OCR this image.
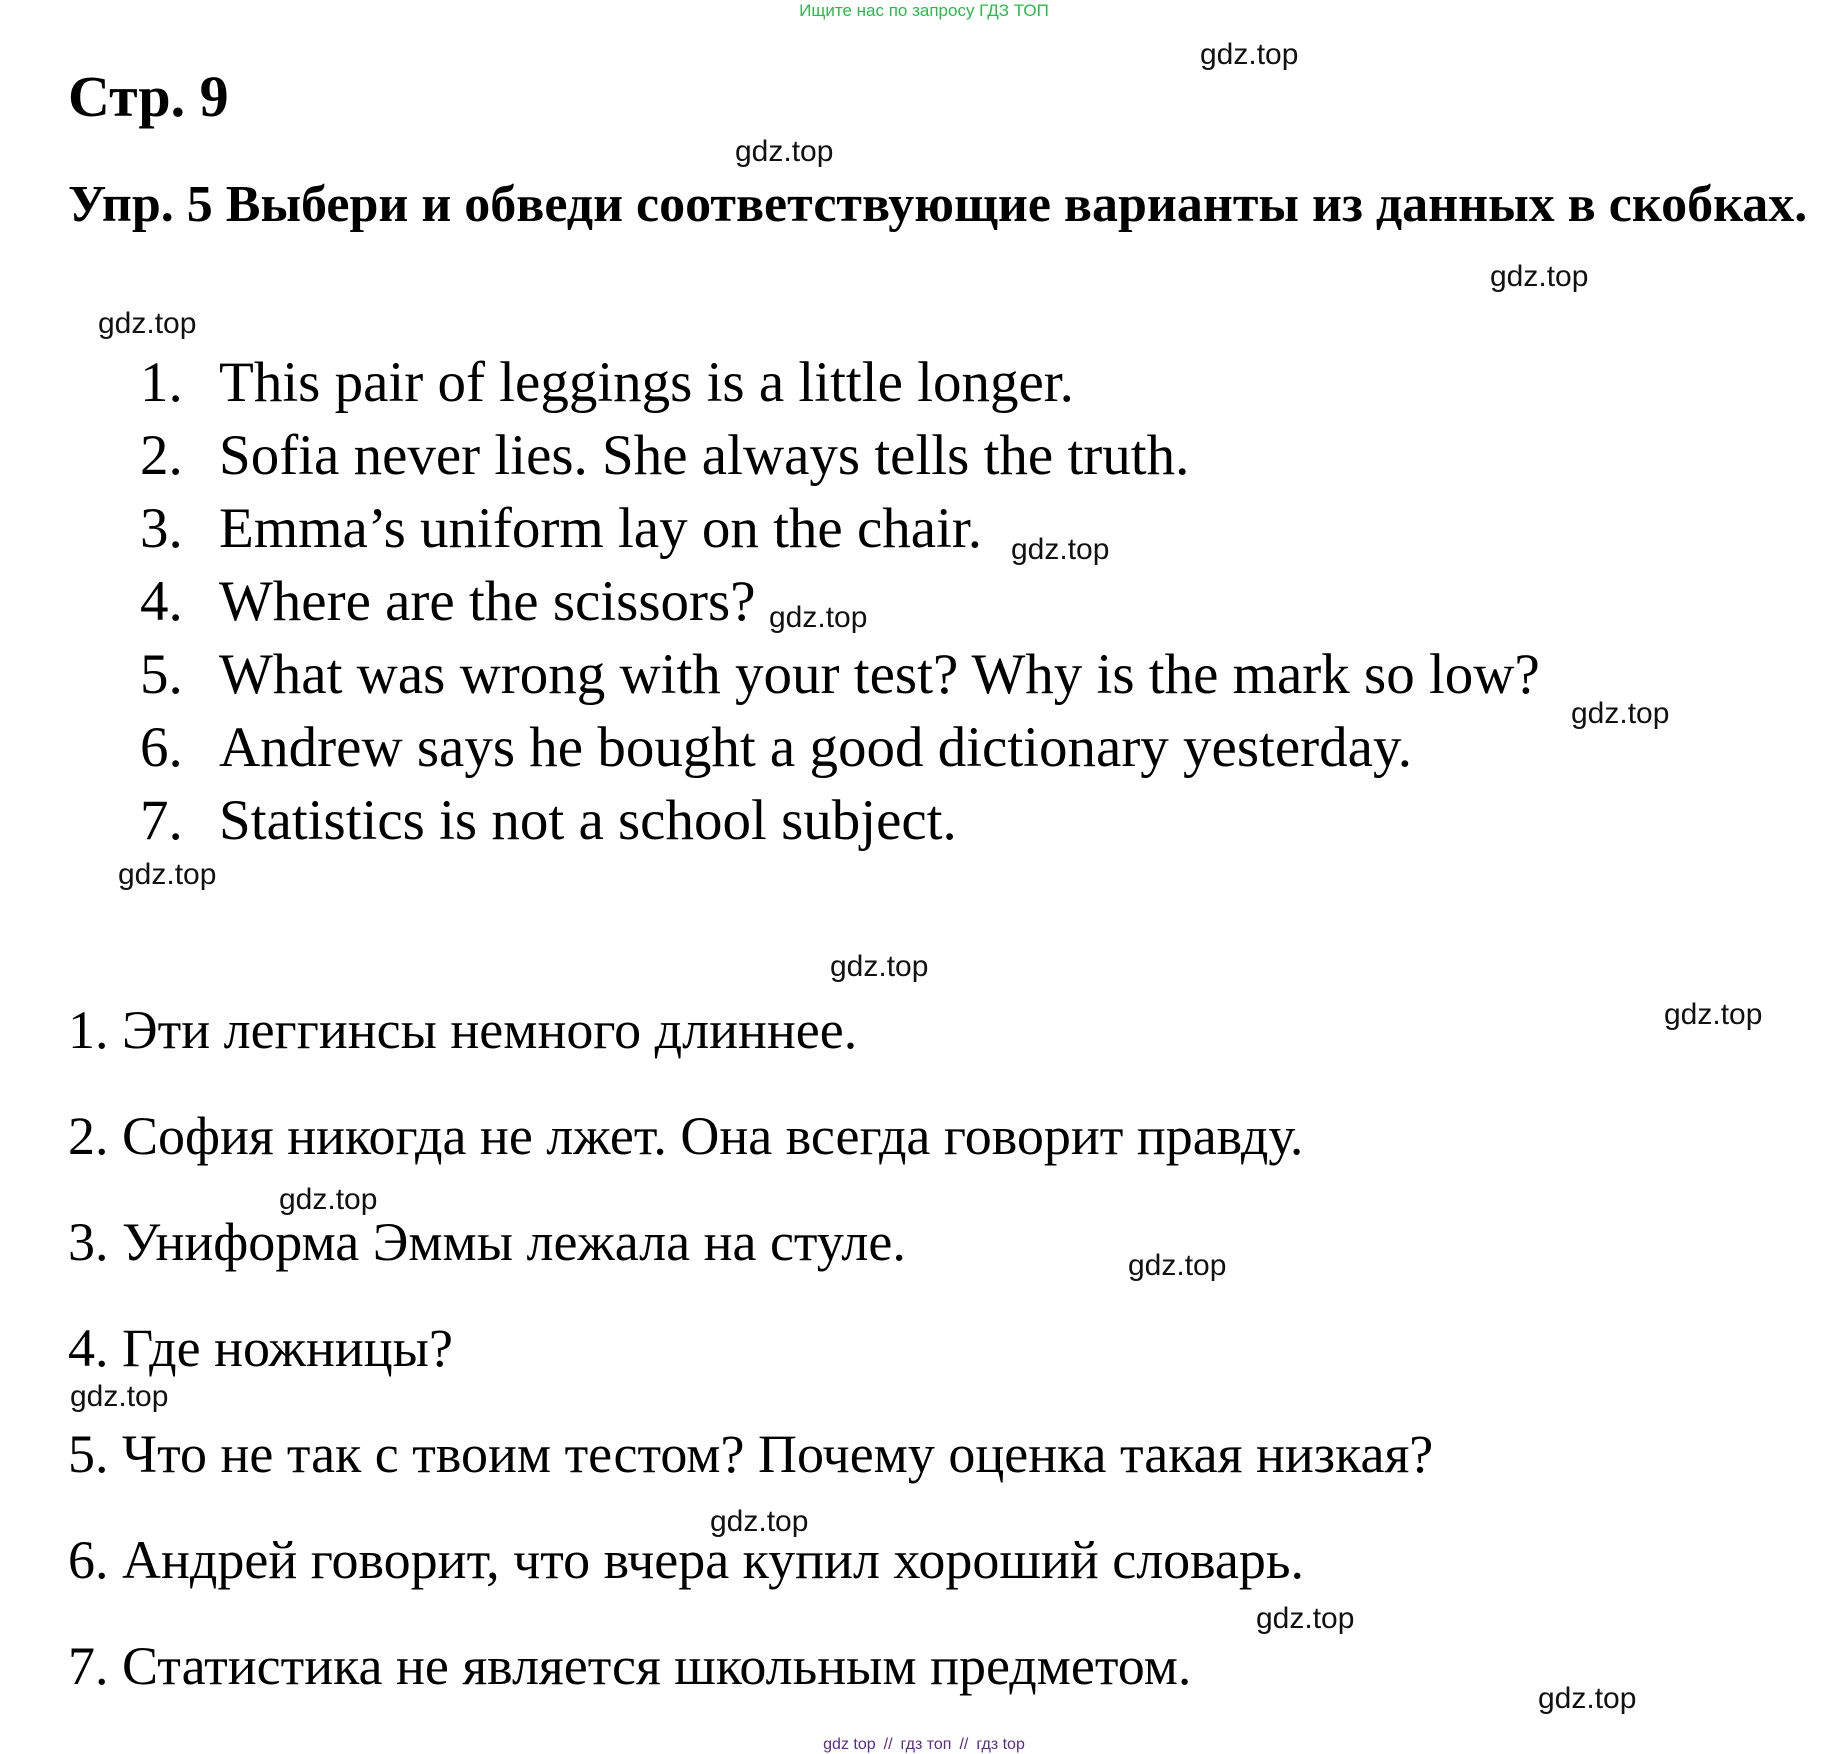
Ищите нас по запросу ГДЗ ТОП
Стр. 9
Упр. 5 Выбери и обведи соответствующие варианты из данных в скобках.
1. This pair of leggings is a little longer.
2. Sofia never lies. She always tells the truth.
3. Emma’s uniform lay on the chair.
4. Where are the scissors?
5. What was wrong with your test? Why is the mark so low?
6. Andrew says he bought a good dictionary yesterday.
7. Statistics is not a school subject.
1. Эти леггинсы немного длиннее.
2. София никогда не лжет. Она всегда говорит правду.
3. Униформа Эммы лежала на стуле.
4. Где ножницы?
5. Что не так с твоим тестом? Почему оценка такая низкая?
6. Андрей говорит, что вчера купил хороший словарь.
7. Статистика не является школьным предметом.
gdz.top
gdz.top
gdz.top
gdz.top
gdz.top
gdz.top
gdz.top
gdz.top
gdz.top
gdz.top
gdz.top
gdz.top
gdz.top
gdz.top
gdz.top
gdz.top
gdz top // гдз топ // гдз top
